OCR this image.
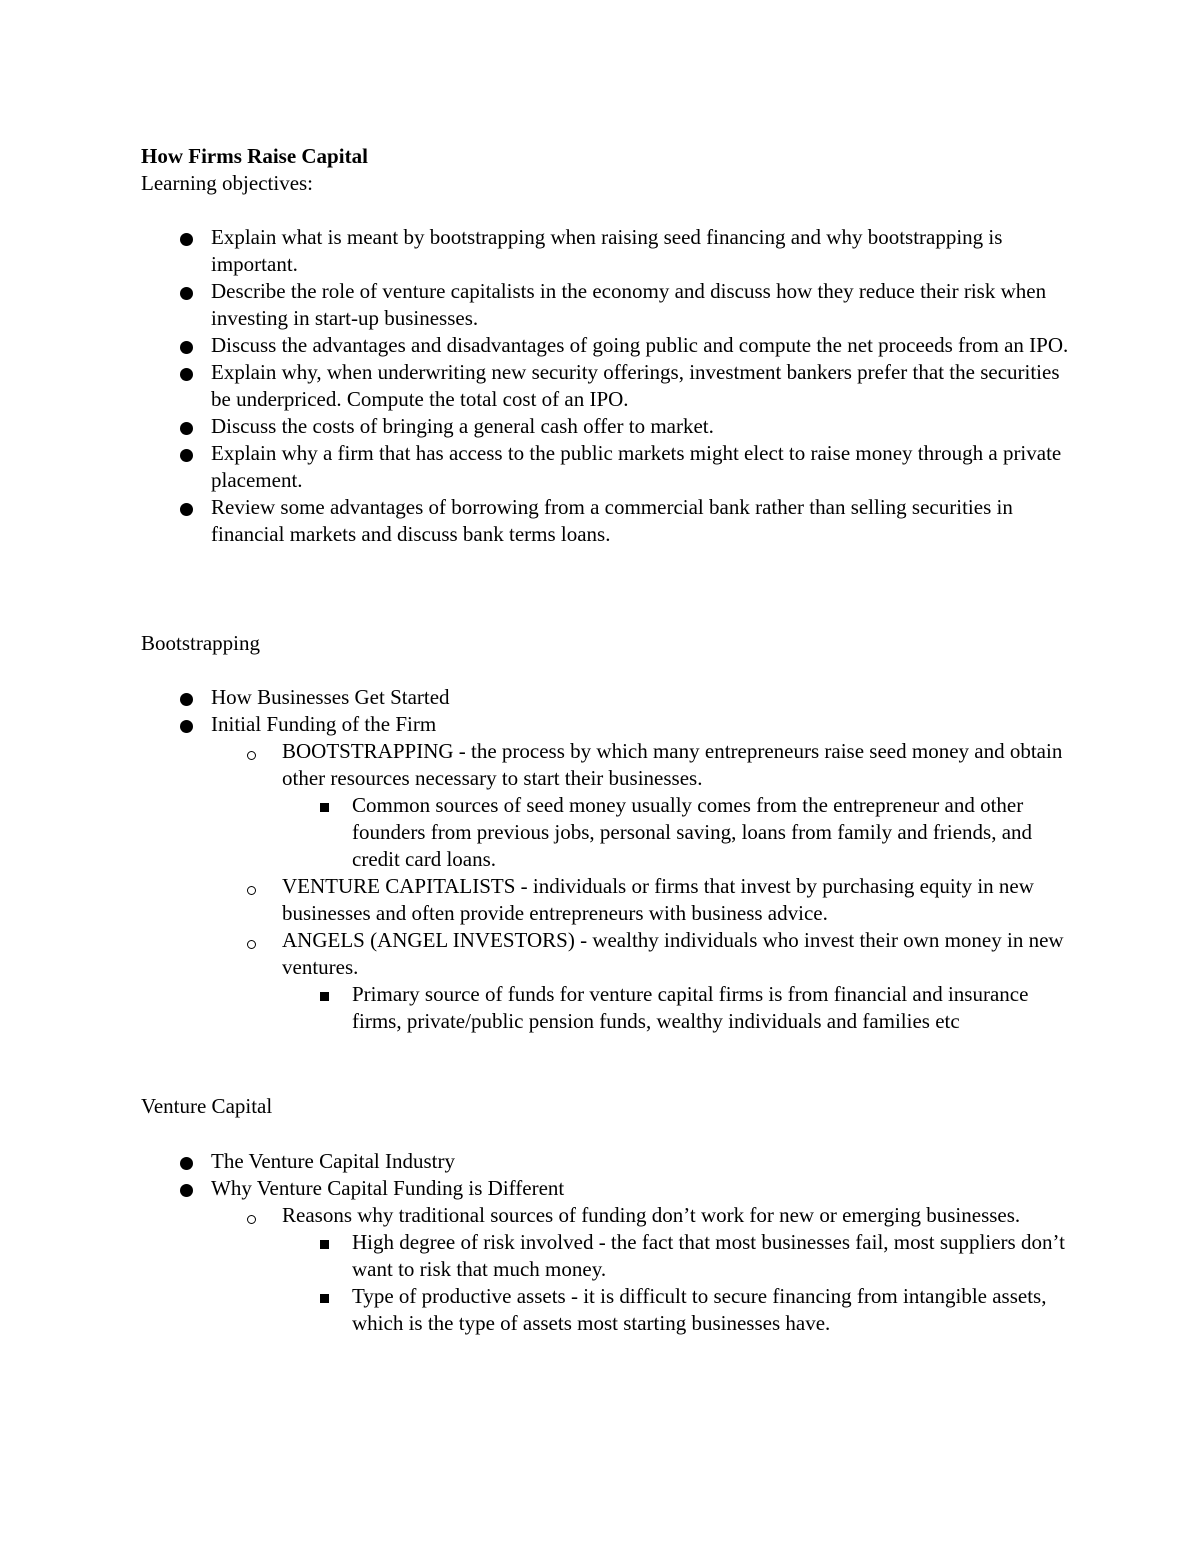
How Firms Raise Capital
Learning objectives:
Explain what is meant by bootstrapping when raising seed financing and why bootstrapping is important.
Describe the role of venture capitalists in the economy and discuss how they reduce their risk when investing in start-up businesses.
Discuss the advantages and disadvantages of going public and compute the net proceeds from an IPO.
Explain why, when underwriting new security offerings, investment bankers prefer that the securities be underpriced. Compute the total cost of an IPO.
Discuss the costs of bringing a general cash offer to market.
Explain why a firm that has access to the public markets might elect to raise money through a private placement.
Review some advantages of borrowing from a commercial bank rather than selling securities in financial markets and discuss bank terms loans.
Bootstrapping
How Businesses Get Started
Initial Funding of the Firm
BOOTSTRAPPING - the process by which many entrepreneurs raise seed money and obtain other resources necessary to start their businesses.
Common sources of seed money usually comes from the entrepreneur and other founders from previous jobs, personal saving, loans from family and friends, and credit card loans.
VENTURE CAPITALISTS - individuals or firms that invest by purchasing equity in new businesses and often provide entrepreneurs with business advice.
ANGELS (ANGEL INVESTORS) - wealthy individuals who invest their own money in new ventures.
Primary source of funds for venture capital firms is from financial and insurance firms, private/public pension funds, wealthy individuals and families etc
Venture Capital
The Venture Capital Industry
Why Venture Capital Funding is Different
Reasons why traditional sources of funding don’t work for new or emerging businesses.
High degree of risk involved - the fact that most businesses fail, most suppliers don’t want to risk that much money.
Type of productive assets - it is difficult to secure financing from intangible assets, which is the type of assets most starting businesses have.
